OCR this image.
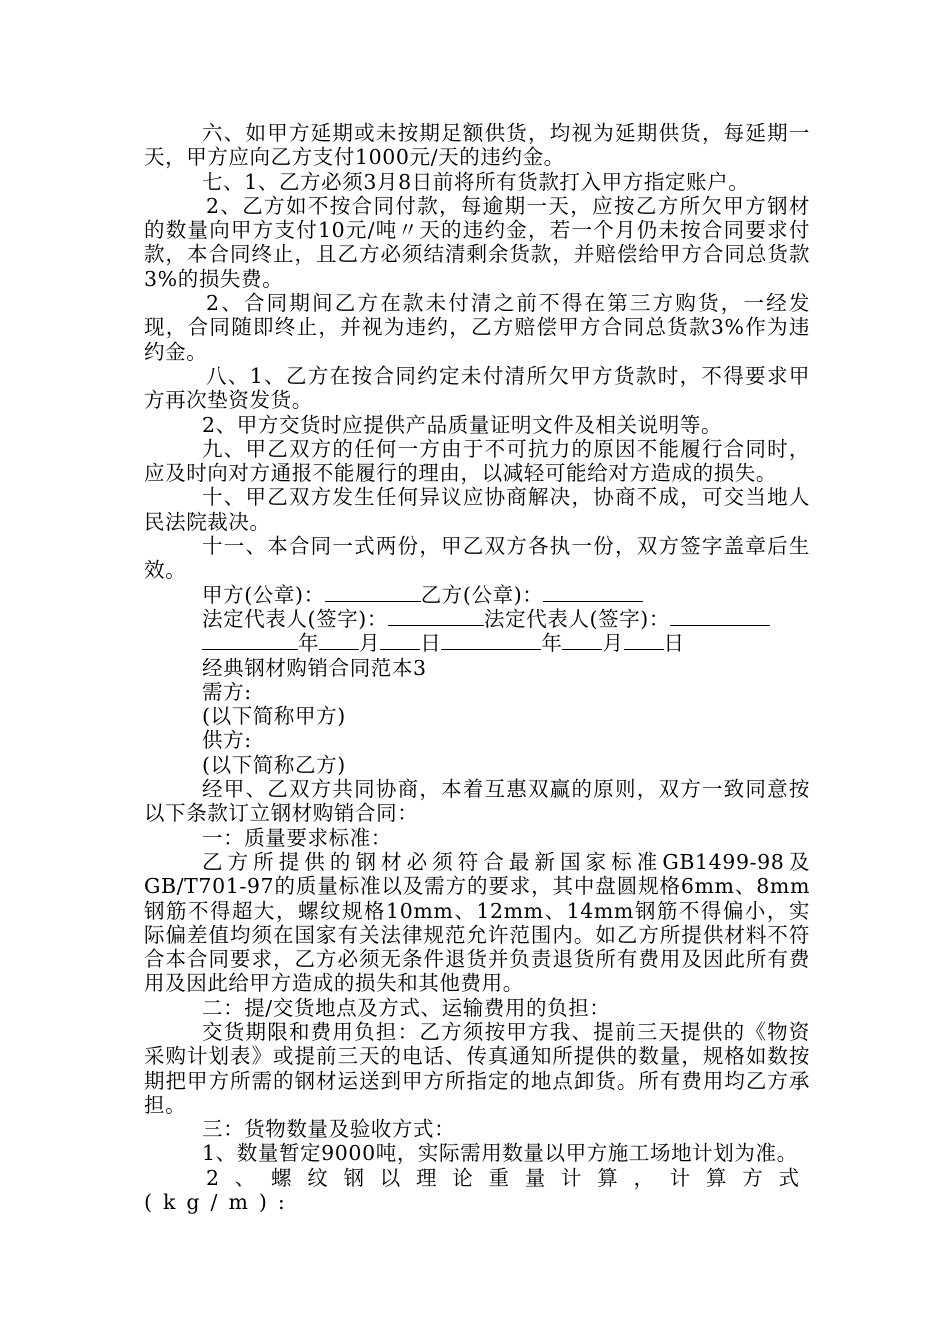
六、如甲方延期或未按期足额供货，均视为延期供货，每延期一天，甲方应向乙方支付1000元/天的违约金。

七、1、乙方必须3月8日前将所有货款打入甲方指定账户。

2、乙方如不按合同付款，每逾期一天，应按乙方所欠甲方钢材的数量向甲方支付10元/吨〃天的违约金，若一个月仍未按合同要求付款，本合同终止，且乙方必须结清剩余货款，并赔偿给甲方合同总货款3%的损失费。

2、合同期间乙方在款未付清之前不得在第三方购货，一经发现，合同随即终止，并视为违约，乙方赔偿甲方合同总货款3%作为违约金。

八、1、乙方在按合同约定未付清所欠甲方货款时，不得要求甲方再次垫资发货。

2、甲方交货时应提供产品质量证明文件及相关说明等。

九、甲乙双方的任何一方由于不可抗力的原因不能履行合同时，应及时向对方通报不能履行的理由，以减轻可能给对方造成的损失。

十、甲乙双方发生任何异议应协商解决，协商不成，可交当地人民法院裁决。

十一、本合同一式两份，甲乙双方各执一份，双方签字盖章后生效。

甲方(公章)：	乙方(公章)：
法定代表人(签字)：	法定代表人(签字)：
年 月 日	年 月 日

经典钢材购销合同范本3

需方:

(以下简称甲方)

供方:

(以下简称乙方)

经甲、乙双方共同协商，本着互惠双赢的原则，双方一致同意按以下条款订立钢材购销合同：

一：质量要求标准：

乙方所提供的钢材必须符合最新国家标准GB1499-98及GB/T701-97的质量标准以及需方的要求，其中盘圆规格6mm、8mm钢筋不得超大，螺纹规格10mm、12mm、14mm钢筋不得偏小，实际偏差值均须在国家有关法律规范允许范围内。如乙方所提供材料不符合本合同要求，乙方必须无条件退货并负责退货所有费用及因此所有费用及因此给甲方造成的损失和其他费用。

二：提/交货地点及方式、运输费用的负担：

交货期限和费用负担：乙方须按甲方我、提前三天提供的《物资采购计划表》或提前三天的电话、传真通知所提供的数量，规格如数按期把甲方所需的钢材运送到甲方所指定的地点卸货。所有费用均乙方承担。

三：货物数量及验收方式：

1、数量暂定9000吨，实际需用数量以甲方施工场地计划为准。

2、螺纹钢以理论重量计算，计算方式(kg/m):
